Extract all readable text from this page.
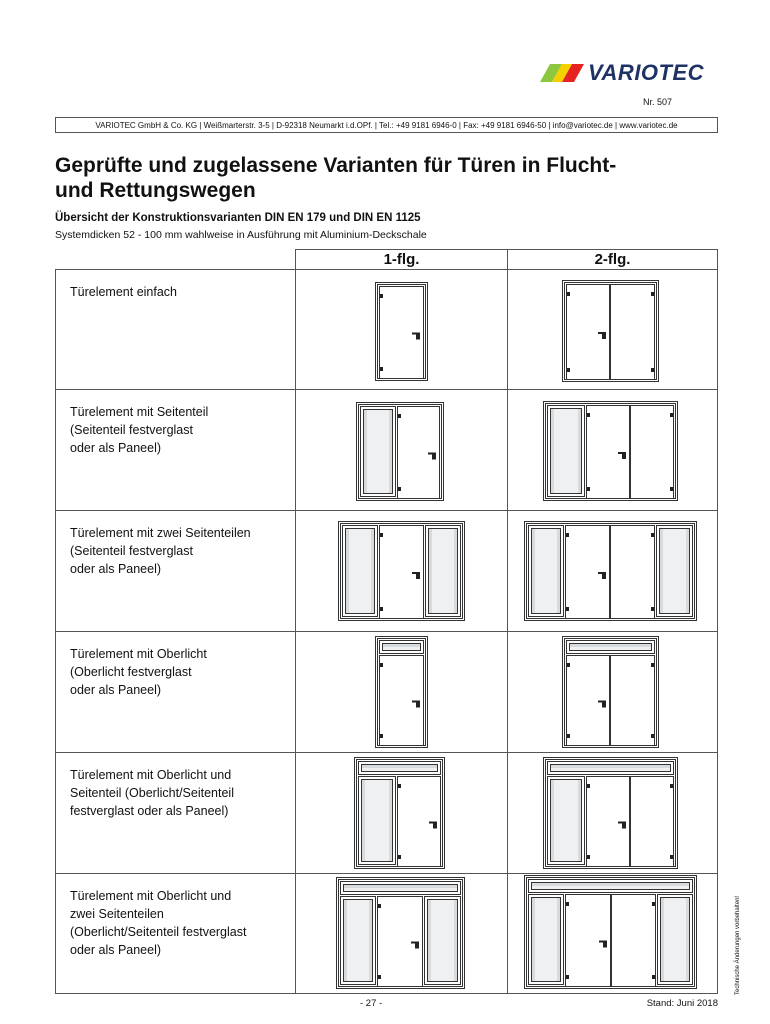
VARIOTEC
Nr. 507
VARIOTEC GmbH & Co. KG | Weißmarterstr. 3-5 | D-92318 Neumarkt i.d.OPf. | Tel.: +49 9181 6946-0 | Fax: +49 9181 6946-50 | info@variotec.de | www.variotec.de
Geprüfte und zugelassene Varianten für Türen in Flucht- und Rettungswegen
Übersicht der Konstruktionsvarianten DIN EN 179 und DIN EN 1125
Systemdicken 52 - 100 mm wahlweise in Ausführung mit Aluminium-Deckschale
1-flg.	2-flg.
Türelement einfach
Türelement mit Seitenteil
(Seitenteil festverglast
oder als Paneel)
Türelement mit zwei Seitenteilen
(Seitenteil festverglast
oder als Paneel)
Türelement mit Oberlicht
(Oberlicht festverglast
oder als Paneel)
Türelement mit Oberlicht und
Seitenteil (Oberlicht/Seitenteil
festverglast oder als Paneel)
Türelement mit Oberlicht und
zwei Seitenteilen
(Oberlicht/Seitenteil festverglast
oder als Paneel)
- 27 -	Stand: Juni 2018
Technische Änderungen vorbehalten!
